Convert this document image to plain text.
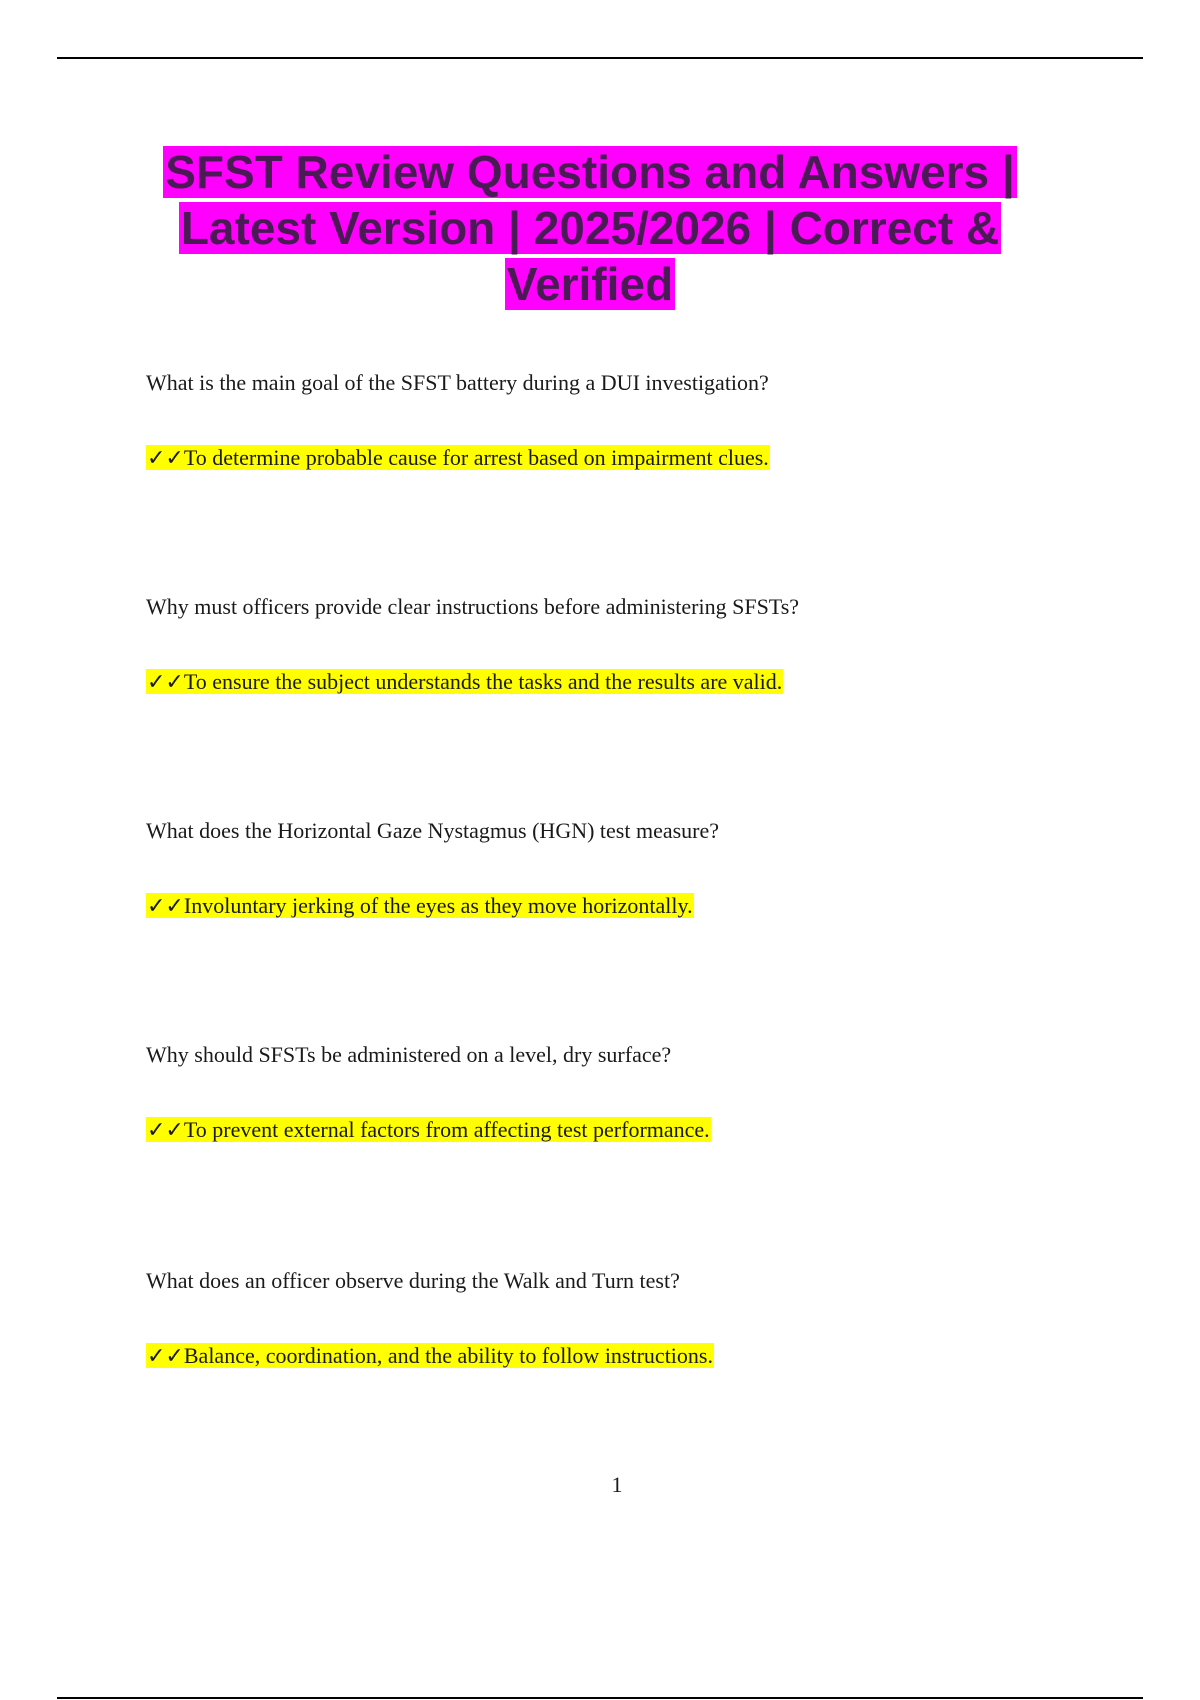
SFST Review Questions and Answers | Latest Version | 2025/2026 | Correct & Verified

What is the main goal of the SFST battery during a DUI investigation?

✓✓To determine probable cause for arrest based on impairment clues.

Why must officers provide clear instructions before administering SFSTs?

✓✓To ensure the subject understands the tasks and the results are valid.

What does the Horizontal Gaze Nystagmus (HGN) test measure?

✓✓Involuntary jerking of the eyes as they move horizontally.

Why should SFSTs be administered on a level, dry surface?

✓✓To prevent external factors from affecting test performance.

What does an officer observe during the Walk and Turn test?

✓✓Balance, coordination, and the ability to follow instructions.

1
